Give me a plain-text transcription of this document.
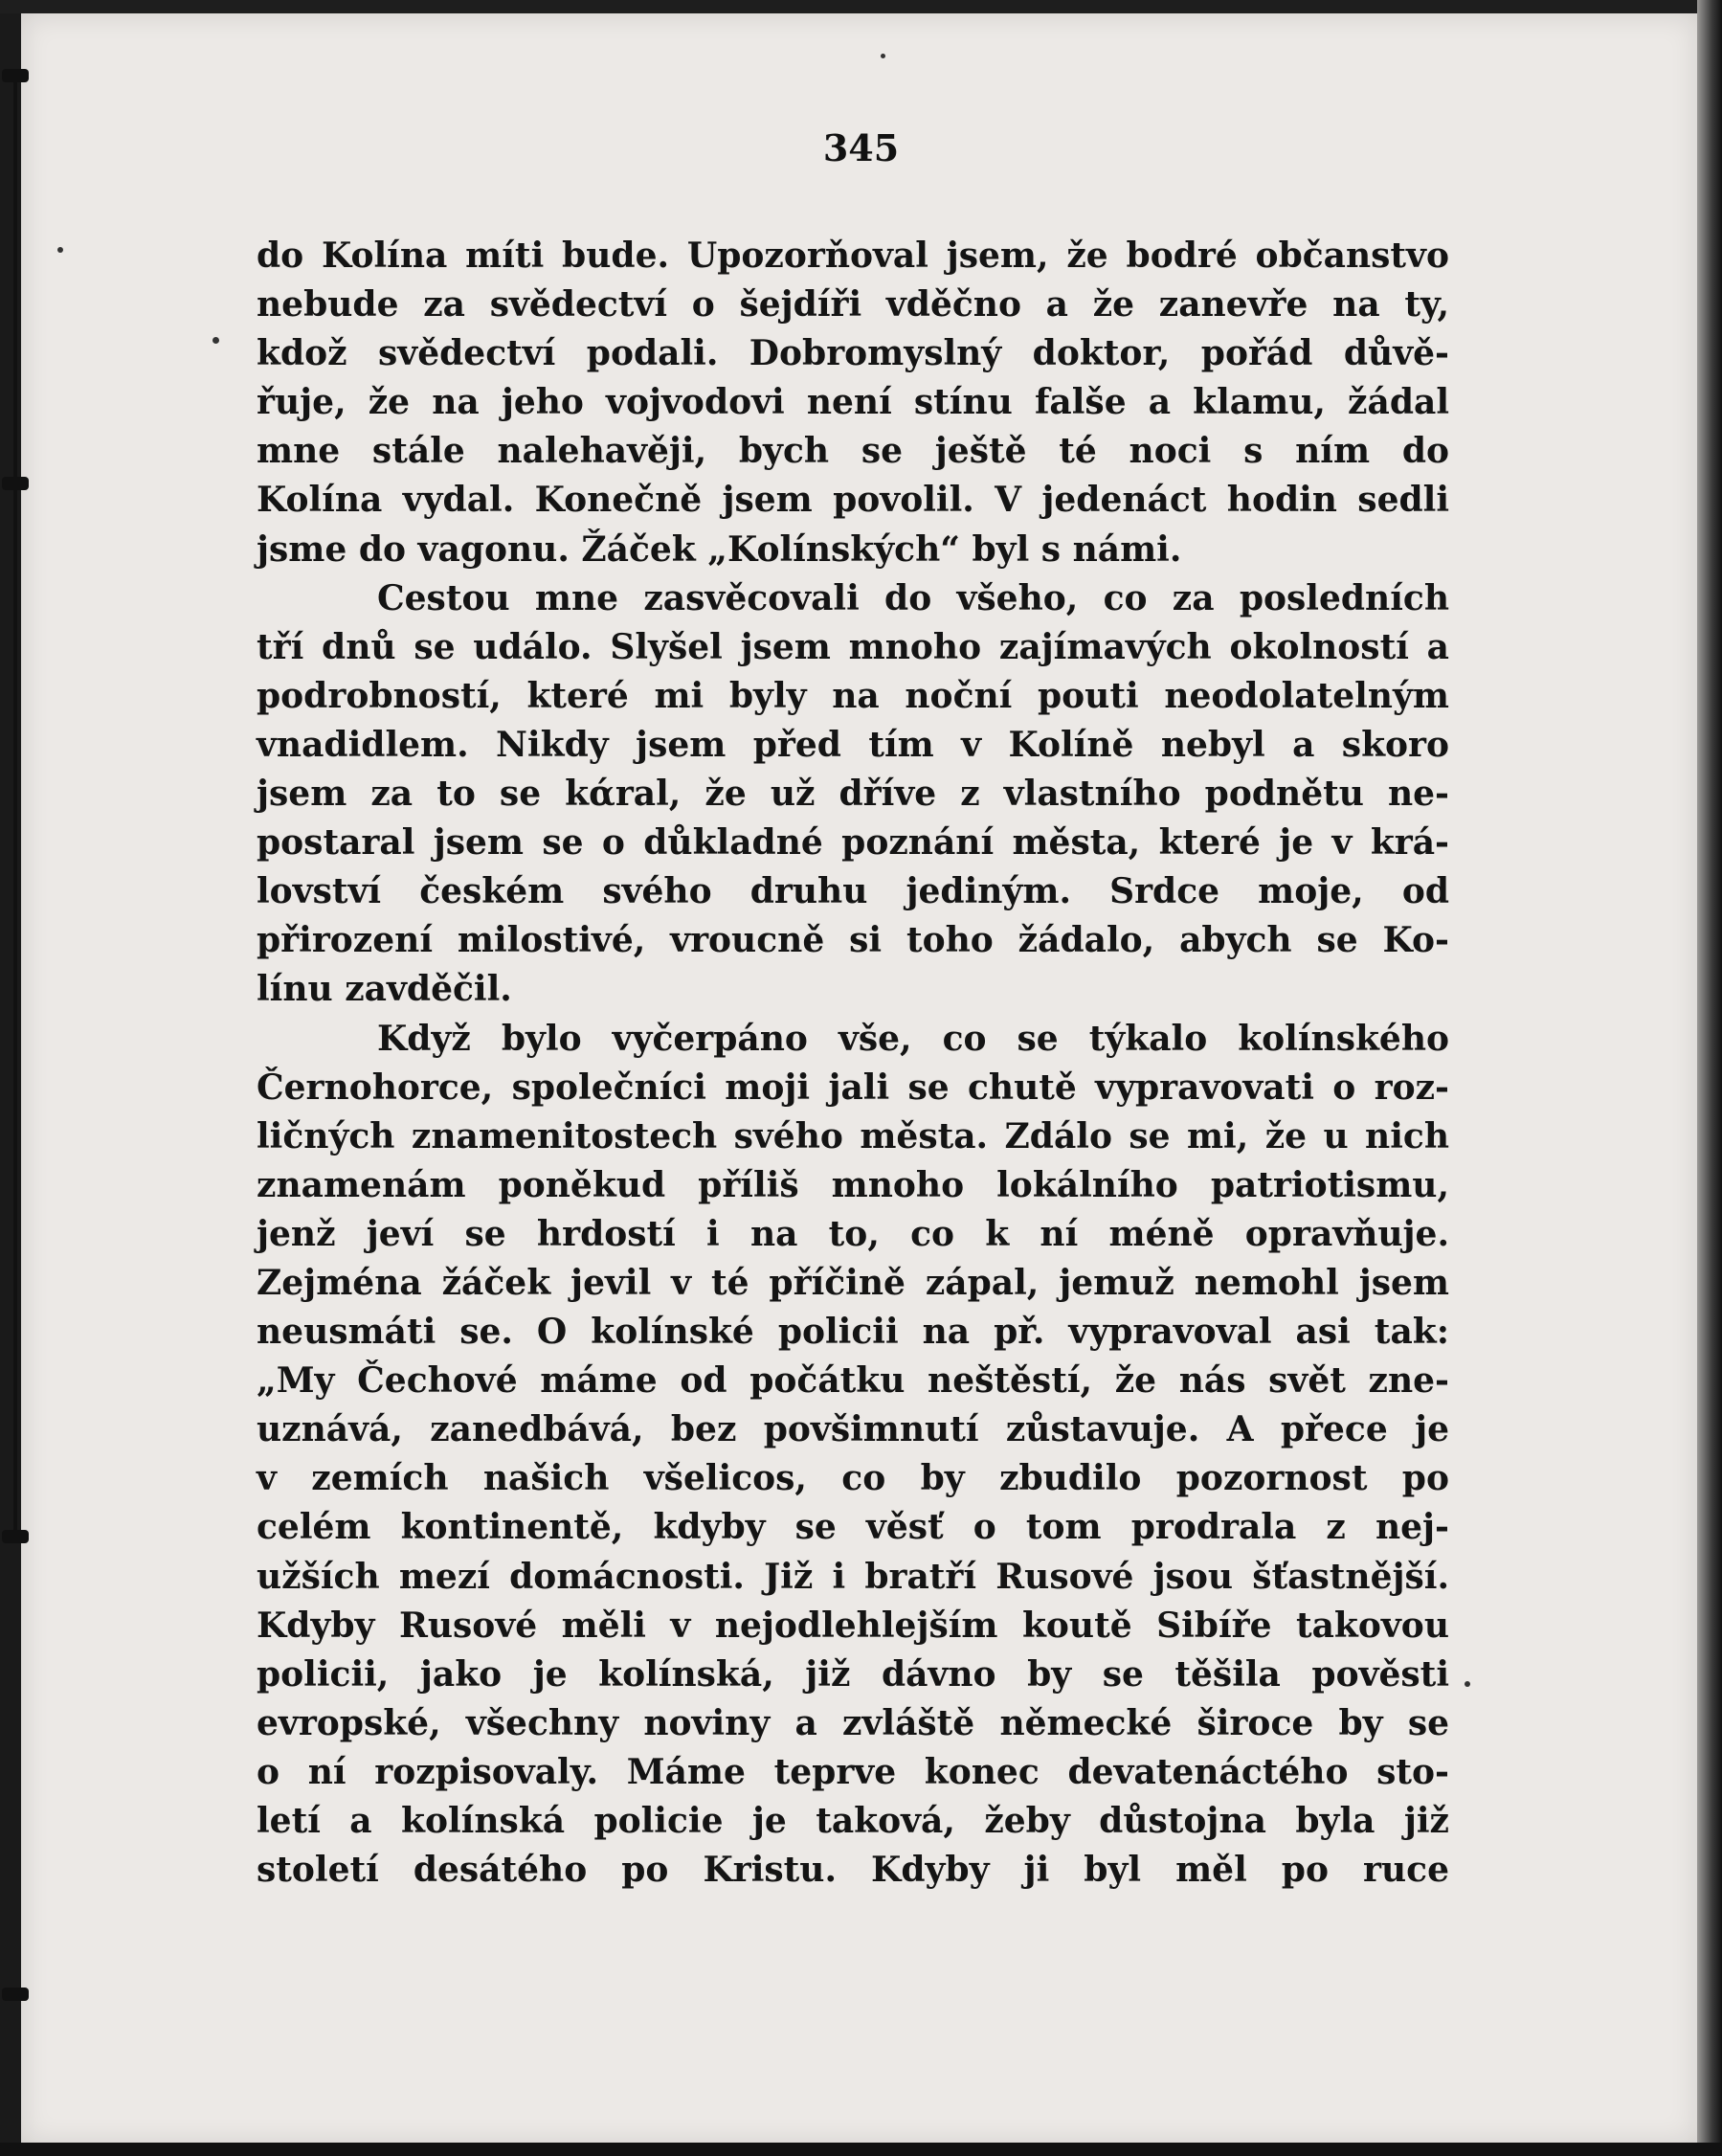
345
do Kolína míti bude. Upozorňoval jsem, že bodré občanstvo
nebude za svědectví o šejdíři vděčno a že zanevře na ty,
kdož svědectví podali. Dobromyslný doktor, pořád důvě-
řuje, že na jeho vojvodovi není stínu falše a klamu, žádal
mne stále nalehavěji, bych se ještě té noci s ním do
Kolína vydal. Konečně jsem povolil. V jedenáct hodin sedli
jsme do vagonu. Žáček „Kolínských“ byl s námi.
Cestou mne zasvěcovali do všeho, co za posledních
tří dnů se událo. Slyšel jsem mnoho zajímavých okolností a
podrobností, které mi byly na noční pouti neodolatelným
vnadidlem. Nikdy jsem před tím v Kolíně nebyl a skoro
jsem za to se kάral, že už dříve z vlastního podnětu ne-
postaral jsem se o důkladné poznání města, které je v krá-
lovství českém svého druhu jediným. Srdce moje, od
přirození milostivé, vroucně si toho žádalo, abych se Ko-
línu zavděčil.
Když bylo vyčerpáno vše, co se týkalo kolínského
Černohorce, společníci moji jali se chutě vypravovati o roz-
ličných znamenitostech svého města. Zdálo se mi, že u nich
znamenám poněkud příliš mnoho lokálního patriotismu,
jenž jeví se hrdostí i na to, co k ní méně opravňuje.
Zejména žáček jevil v té příčině zápal, jemuž nemohl jsem
neusmáti se. O kolínské policii na př. vypravoval asi tak:
„My Čechové máme od počátku neštěstí, že nás svět zne-
uznává, zanedbává, bez povšimnutí zůstavuje. A přece je
v zemích našich všelicos, co by zbudilo pozornost po
celém kontinentě, kdyby se věsť o tom prodrala z nej-
užších mezí domácnosti. Již i bratří Rusové jsou šťastnější.
Kdyby Rusové měli v nejodlehlejším koutě Sibíře takovou
policii, jako je kolínská, již dávno by se těšila pověsti
evropské, všechny noviny a zvláště německé široce by se
o ní rozpisovaly. Máme teprve konec devatenáctého sto-
letí a kolínská policie je taková, žeby důstojna byla již
století desátého po Kristu. Kdyby ji byl měl po ruce
